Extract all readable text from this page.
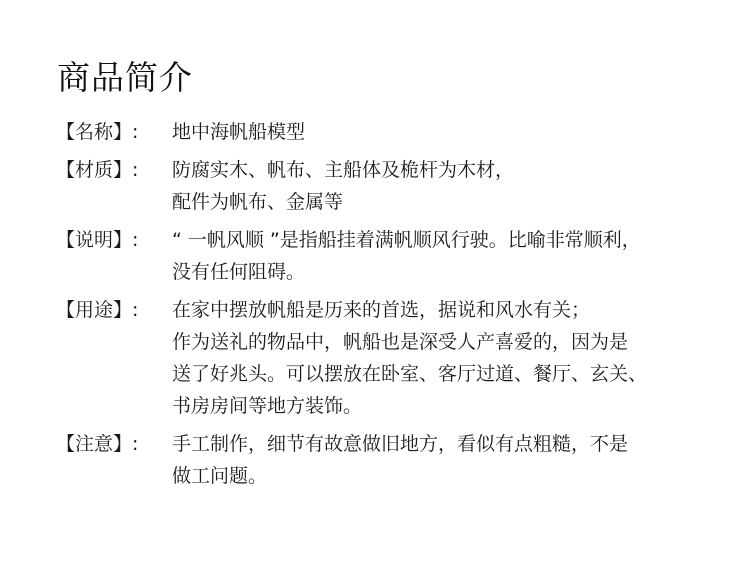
商品简介
【名称】:	地中海帆船模型
【材质】:	防腐实木、帆布、主船体及桅杆为木材，
配件为帆布、金属等
【说明】:	“ 一帆风顺 ”是指船挂着满帆顺风行驶。比喻非常顺利，
没有任何阻碍。
【用途】:	在家中摆放帆船是历来的首选，据说和风水有关；
作为送礼的物品中，帆船也是深受人产喜爱的，因为是
送了好兆头。可以摆放在卧室、客厅过道、餐厅、玄关、
书房房间等地方装饰。
【注意】:	手工制作，细节有故意做旧地方，看似有点粗糙，不是
做工问题。
